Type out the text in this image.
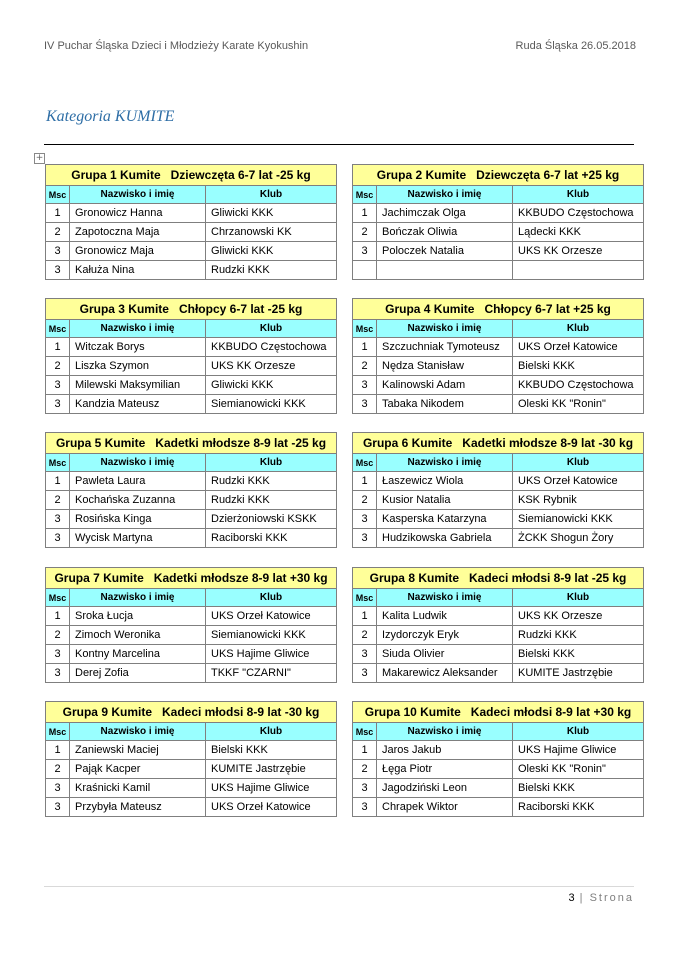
IV Puchar Śląska Dzieci i Młodzieży Karate Kyokushin	Ruda Śląska 26.05.2018
Kategoria KUMITE
+
Grupa 1 Kumite   Dziewczęta 6-7 lat -25 kg		
Msc	Nazwisko i imię	Klub
1	Gronowicz Hanna	Gliwicki KKK
2	Zapotoczna Maja	Chrzanowski KK
3	Gronowicz Maja	Gliwicki KKK
3	Kałuża Nina	Rudzki KKK
Grupa 2 Kumite   Dziewczęta 6-7 lat +25 kg		
Msc	Nazwisko i imię	Klub
1	Jachimczak Olga	KKBUDO Częstochowa
2	Bończak Oliwia	Lądecki KKK
3	Poloczek Natalia	UKS KK Orzesze

Grupa 3 Kumite   Chłopcy 6-7 lat -25 kg		
Msc	Nazwisko i imię	Klub
1	Witczak Borys	KKBUDO Częstochowa
2	Liszka Szymon	UKS KK Orzesze
3	Milewski Maksymilian	Gliwicki KKK
3	Kandzia Mateusz	Siemianowicki KKK
Grupa 4 Kumite   Chłopcy 6-7 lat +25 kg		
Msc	Nazwisko i imię	Klub
1	Szczuchniak Tymoteusz	UKS Orzeł Katowice
2	Nędza Stanisław	Bielski KKK
3	Kalinowski Adam	KKBUDO Częstochowa
3	Tabaka Nikodem	Oleski KK "Ronin"
Grupa 5 Kumite   Kadetki młodsze 8-9 lat -25 kg		
Msc	Nazwisko i imię	Klub
1	Pawleta Laura	Rudzki KKK
2	Kochańska Zuzanna	Rudzki KKK
3	Rosińska Kinga	Dzierżoniowski KSKK
3	Wycisk Martyna	Raciborski KKK
Grupa 6 Kumite   Kadetki młodsze 8-9 lat -30 kg		
Msc	Nazwisko i imię	Klub
1	Łaszewicz Wiola	UKS Orzeł Katowice
2	Kusior Natalia	KSK Rybnik
3	Kasperska Katarzyna	Siemianowicki KKK
3	Hudzikowska Gabriela	ŻCKK Shogun Żory
Grupa 7 Kumite   Kadetki młodsze 8-9 lat +30 kg		
Msc	Nazwisko i imię	Klub
1	Sroka Łucja	UKS Orzeł Katowice
2	Zimoch Weronika	Siemianowicki KKK
3	Kontny Marcelina	UKS Hajime Gliwice
3	Derej Zofia	TKKF "CZARNI"
Grupa 8 Kumite   Kadeci młodsi 8-9 lat -25 kg		
Msc	Nazwisko i imię	Klub
1	Kalita Ludwik	UKS KK Orzesze
2	Izydorczyk Eryk	Rudzki KKK
3	Siuda Olivier	Bielski KKK
3	Makarewicz Aleksander	KUMITE Jastrzębie
Grupa 9 Kumite   Kadeci młodsi 8-9 lat -30 kg		
Msc	Nazwisko i imię	Klub
1	Zaniewski Maciej	Bielski KKK
2	Pająk Kacper	KUMITE Jastrzębie
3	Kraśnicki Kamil	UKS Hajime Gliwice
3	Przybyła Mateusz	UKS Orzeł Katowice
Grupa 10 Kumite   Kadeci młodsi 8-9 lat +30 kg		
Msc	Nazwisko i imię	Klub
1	Jaros Jakub	UKS Hajime Gliwice
2	Łęga Piotr	Oleski KK "Ronin"
3	Jagodziński Leon	Bielski KKK
3	Chrapek Wiktor	Raciborski KKK
3 | Strona
